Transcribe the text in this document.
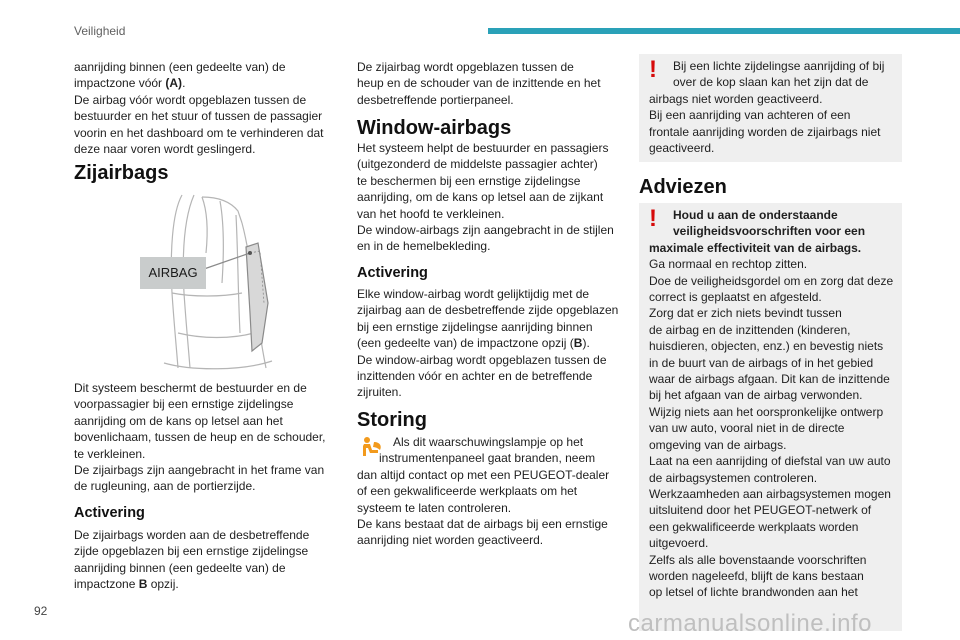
Veiligheid
aanrijding binnen (een gedeelte van) de
impactzone vóór (A).
De airbag vóór wordt opgeblazen tussen de
bestuurder en het stuur of tussen de passagier
voorin en het dashboard om te verhinderen dat
deze naar voren wordt geslingerd.
Zijairbags
AIRBAG
Dit systeem beschermt de bestuurder en de
voorpassagier bij een ernstige zijdelingse
aanrijding om de kans op letsel aan het
bovenlichaam, tussen de heup en de schouder,
te verkleinen.
De zijairbags zijn aangebracht in het frame van
de rugleuning, aan de portierzijde.
Activering
De zijairbags worden aan de desbetreffende
zijde opgeblazen bij een ernstige zijdelingse
aanrijding binnen (een gedeelte van) de
impactzone B opzij.
De zijairbag wordt opgeblazen tussen de
heup en de schouder van de inzittende en het
desbetreffende portierpaneel.
Window-airbags
Het systeem helpt de bestuurder en passagiers
(uitgezonderd de middelste passagier achter)
te beschermen bij een ernstige zijdelingse
aanrijding, om de kans op letsel aan de zijkant
van het hoofd te verkleinen.
De window-airbags zijn aangebracht in de stijlen
en in de hemelbekleding.
Activering
Elke window-airbag wordt gelijktijdig met de
zijairbag aan de desbetreffende zijde opgeblazen
bij een ernstige zijdelingse aanrijding binnen
(een gedeelte van) de impactzone opzij (B).
De window-airbag wordt opgeblazen tussen de
inzittenden vóór en achter en de betreffende
zijruiten.
Storing
Als dit waarschuwingslampje op het
instrumentenpaneel gaat branden, neem
dan altijd contact op met een PEUGEOT-dealer
of een gekwalificeerde werkplaats om het
systeem te laten controleren.
De kans bestaat dat de airbags bij een ernstige
aanrijding niet worden geactiveerd.
!	Bij een lichte zijdelingse aanrijding of bij
over de kop slaan kan het zijn dat de
airbags niet worden geactiveerd.
Bij een aanrijding van achteren of een
frontale aanrijding worden de zijairbags niet
geactiveerd.
Adviezen
!	Houd u aan de onderstaande
veiligheidsvoorschriften voor een
maximale effectiviteit van de airbags.
Ga normaal en rechtop zitten.
Doe de veiligheidsgordel om en zorg dat deze
correct is geplaatst en afgesteld.
Zorg dat er zich niets bevindt tussen
de airbag en de inzittenden (kinderen,
huisdieren, objecten, enz.) en bevestig niets
in de buurt van de airbags of in het gebied
waar de airbags afgaan. Dit kan de inzittende
bij het afgaan van de airbag verwonden.
Wijzig niets aan het oorspronkelijke ontwerp
van uw auto, vooral niet in de directe
omgeving van de airbags.
Laat na een aanrijding of diefstal van uw auto
de airbagsystemen controleren.
Werkzaamheden aan airbagsystemen mogen
uitsluitend door het PEUGEOT-netwerk of
een gekwalificeerde werkplaats worden
uitgevoerd.
Zelfs als alle bovenstaande voorschriften
worden nageleefd, blijft de kans bestaan
op letsel of lichte brandwonden aan het
92	carmanualsonline.info
